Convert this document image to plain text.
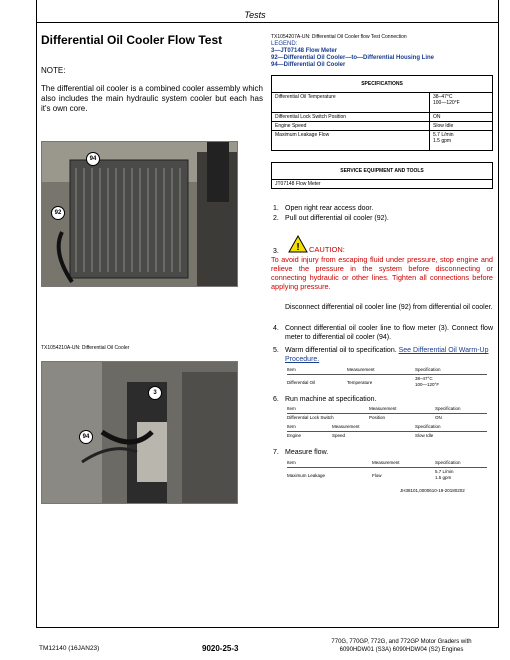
Tests
Differential Oil Cooler Flow Test
NOTE:
The differential oil cooler is a combined cooler assembly which also includes the main hydraulic system cooler but each has it's own core.
94
92
TX1054210A-UN: Differential Oil Cooler
3
94
TX1054207A-UN: Differential Oil Cooler flow Test Connection
LEGEND:
3—JT07148 Flow Meter
92—Differential Oil Cooler—to—Differential Housing Line
94—Differential Oil Cooler
SPECIFICATIONS	
Differential Oil Temperature	38–47°C
100—120°F

Differential Lock Switch Position	ON
Engine Speed	Slow Idle
Maximum Leakage Flow	5.7 L/min
1.5 gpm
SERVICE EQUIPMENT AND TOOLS
JT07148 Flow Meter
1. Open right rear access door.
2. Pull out differential oil cooler (92).
3. ! CAUTION:
To avoid injury from escaping fluid under pressure, stop engine and relieve the pressure in the system before disconnecting or connecting hydraulic or other lines. Tighten all connections before applying pressure.
Disconnect differential oil cooler line (92) from differential oil cooler.
4. Connect differential oil cooler line to flow meter (3). Connect flow meter to differential oil cooler (94).
5. Warm differential oil to specification. See Differential Oil Warm-Up Procedure.
Item	Measurement	Specification
Differential Oil	Temperature
38–47°C
100—120°F
6. Run machine at specification.
Item	Measurement	Specification
Differential Lock Switch	Position	ON
Item	Measurement	Specification
Engine	Speed	Slow Idle
7. Measure flow.
Item	Measurement	Specification
Maximum Leakage	Flow
5.7 L/min
1.5 gpm
JH38101,0000610-19-20180202
TM12140 (16JAN23)	9020-25-3
770G, 770GP, 772G, and 772GP Motor Graders with
6090HDW01 (S3A) 6090HDW04 (S2) Engines
